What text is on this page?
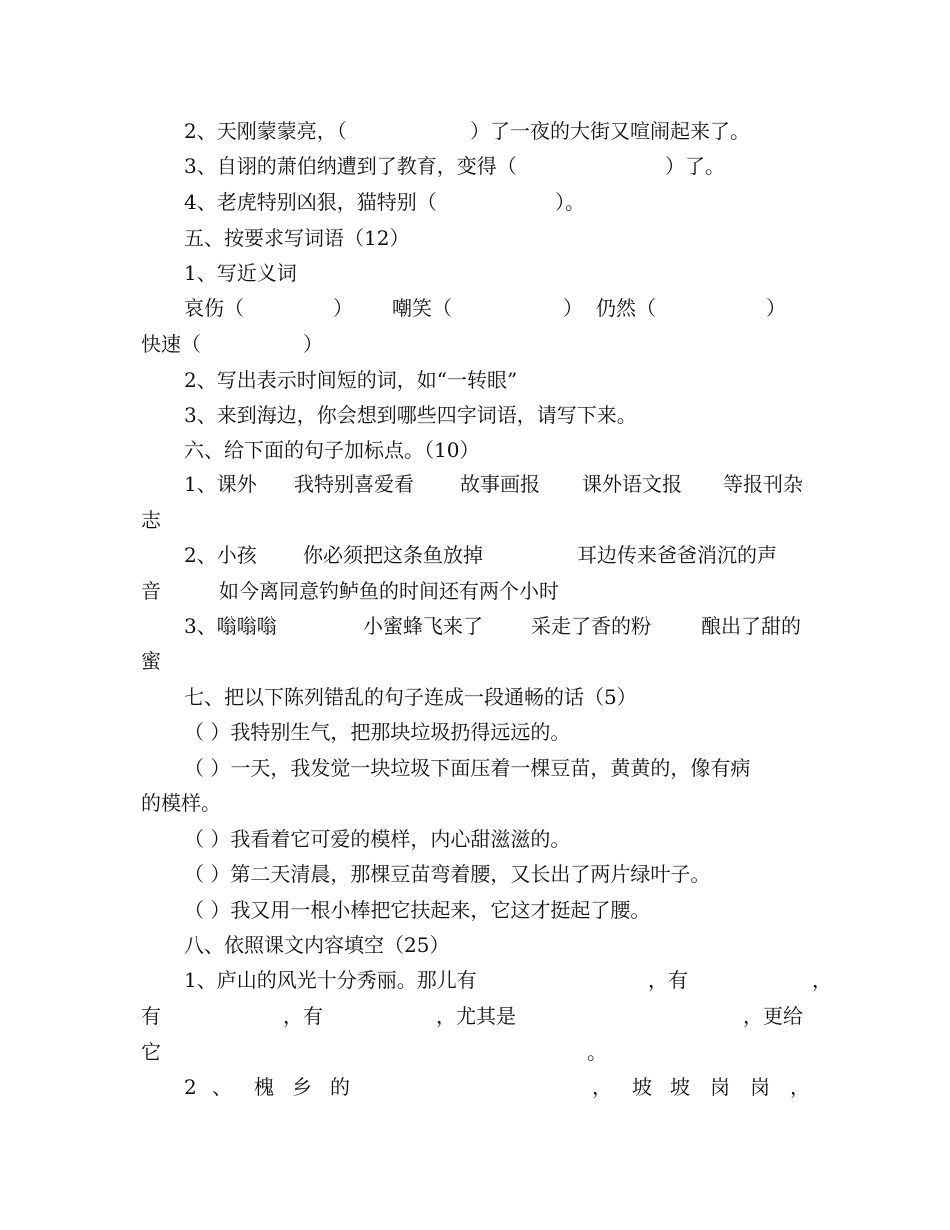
2、天刚蒙蒙亮，（	）了一夜的大街又喧闹起来了。
3、自诩的萧伯纳遭到了教育，变得（	）了。
4、老虎特别凶狠，猫特别（	）。
五、按要求写词语（12）
1、写近义词
哀伤（	） 嘲笑（	） 仍然（	）
快速（	）
2、写出表示时间短的词，如“一转眼”
3、来到海边，你会想到哪些四字词语，请写下来。
六、给下面的句子加标点。（10）
1、课外 我特别喜爱看 故事画报 课外语文报 等报刊杂
志
2、小孩 你必须把这条鱼放掉	耳边传来爸爸消沉的声
音	如今离同意钓鲈鱼的时间还有两个小时
3、嗡嗡嗡	小蜜蜂飞来了 采走了香的粉	酿出了甜的
蜜
七、把以下陈列错乱的句子连成一段通畅的话（5）
（ ）我特别生气，把那块垃圾扔得远远的。
（ ）一天，我发觉一块垃圾下面压着一棵豆苗，黄黄的，像有病
的模样。
（ ）我看着它可爱的模样，内心甜滋滋的。
（ ）第二天清晨，那棵豆苗弯着腰，又长出了两片绿叶子。
（ ）我又用一根小棒把它扶起来，它这才挺起了腰。
八、依照课文内容填空（25）
1、庐山的风光十分秀丽。那儿有	，有	，
有	，有	，尤其是	，更给
它	。
2 、 槐 乡 的	， 坡 坡 岗 岗 ，
